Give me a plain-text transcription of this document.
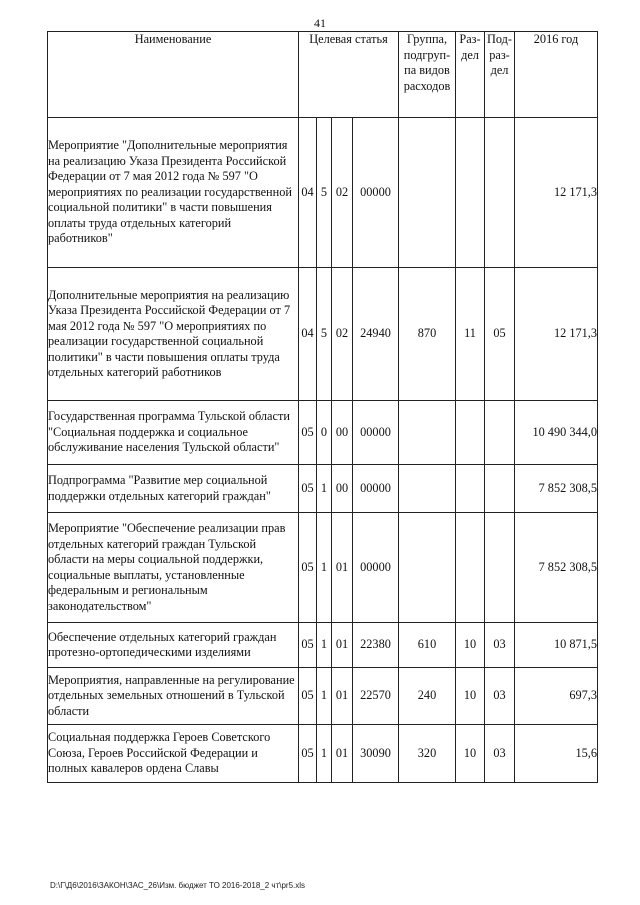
41
Наименование	Целевая статья				Группа, подгруп-па видов расходов	Раз-дел	Под-раз-дел	2016 год
Мероприятие "Дополнительные мероприятия на реализацию Указа Президента Российской Федерации от 7 мая 2012 года № 597 "О мероприятиях по реализации государственной социальной политики" в части повышения оплаты труда отдельных категорий работников"	04	5	02	00000				12 171,3
Дополнительные мероприятия на реализацию Указа Президента Российской Федерации от 7 мая 2012 года № 597 "О мероприятиях по реализации государственной социальной политики" в части повышения оплаты труда отдельных категорий работников	04	5	02	24940	870	11	05	12 171,3
Государственная программа Тульской области "Социальная поддержка и социальное обслуживание населения Тульской области"	05	0	00	00000				10 490 344,0
Подпрограмма "Развитие мер социальной поддержки отдельных категорий граждан"	05	1	00	00000				7 852 308,5
Мероприятие "Обеспечение реализации прав отдельных категорий граждан Тульской области на меры социальной поддержки, социальные выплаты, установленные федеральным и региональным законодательством"	05	1	01	00000				7 852 308,5
Обеспечение отдельных категорий граждан протезно-ортопедическими изделиями	05	1	01	22380	610	10	03	10 871,5
Мероприятия, направленные на регулирование отдельных земельных отношений в Тульской области	05	1	01	22570	240	10	03	697,3
Социальная поддержка Героев Советского Союза, Героев Российской Федерации и полных кавалеров ордена Славы	05	1	01	30090	320	10	03	15,6
D:\Г\Д6\2016\ЗАКОН\ЗАС_26\Изм. бюджет ТО 2016-2018_2 чт\pr5.xls
